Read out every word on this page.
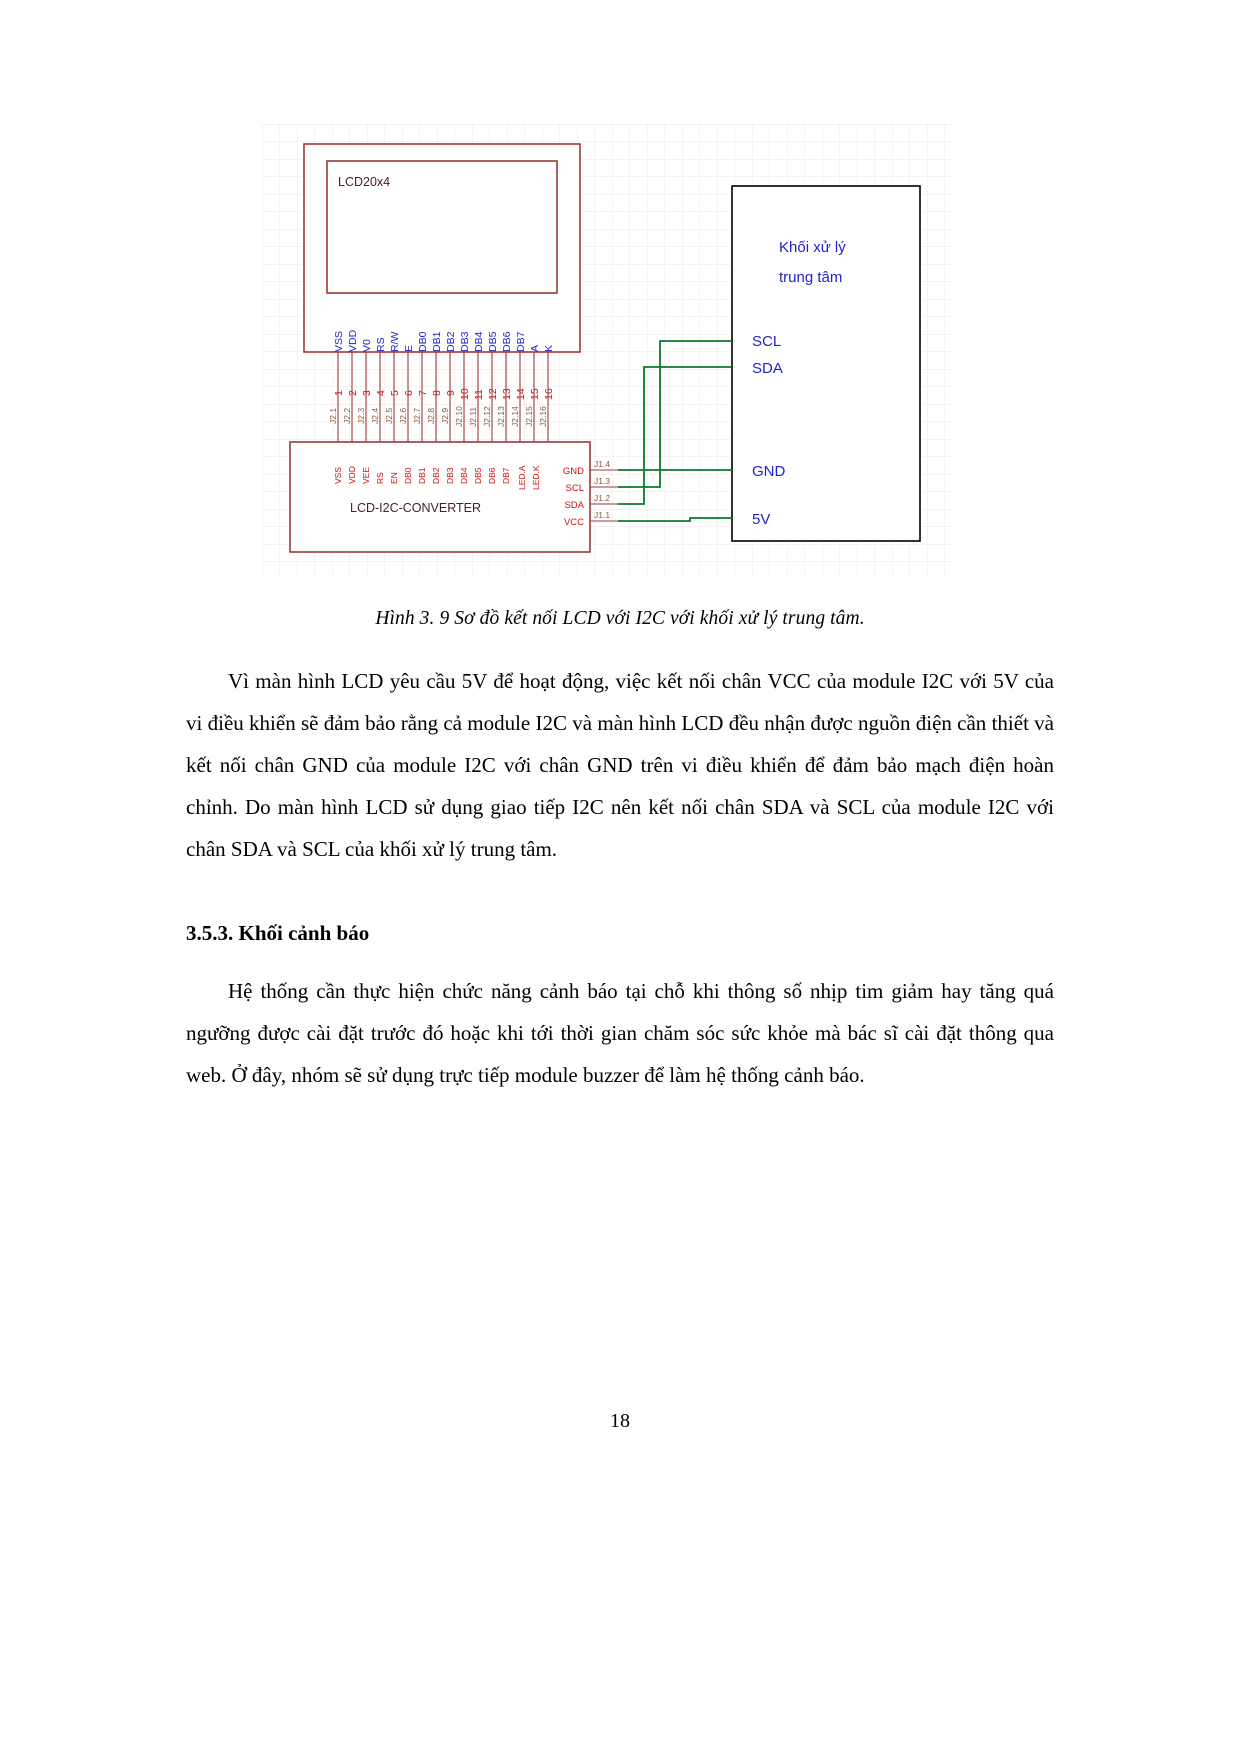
LCD20x4
VSS
1
VDD
2
V0
3
RS
4
R/W
5
E
6
DB0
7
DB1
8
DB2
9
DB3
10
DB4
11
DB5
12
DB6
13
DB7
14
A
15
K
16
J2.1 J2.2 J2.3 J2.4 J2.5 J2.6 J2.7 J2.8 J2.9 J2.10 J2.11 J2.12 J2.13 J2.14 J2.15 J2.16
LCD-I2C-CONVERTER
VSS VDD VEE RS EN DB0 DB1 DB2 DB3 DB4 DB5 DB6 DB7 LED.A LED.K GND
SCL
SDA
VCC
J1.4
J1.3
J1.2
J1.1
Khối xử lý
trung tâm
SCL
SDA
GND
5V
Hình 3. 9 Sơ đồ kết nối LCD với I2C với khối xử lý trung tâm.

Vì màn hình LCD yêu cầu 5V để hoạt động, việc kết nối chân VCC của module I2C với 5V của vi điều khiển sẽ đảm bảo rằng cả module I2C và màn hình LCD đều nhận được nguồn điện cần thiết và kết nối chân GND của module I2C với chân GND trên vi điều khiển để đảm bảo mạch điện hoàn chỉnh. Do màn hình LCD sử dụng giao tiếp I2C nên kết nối chân SDA và SCL của module I2C với chân SDA và SCL của khối xử lý trung tâm.

3.5.3. Khối cảnh báo

Hệ thống cần thực hiện chức năng cảnh báo tại chỗ khi thông số nhịp tim giảm hay tăng quá ngưỡng được cài đặt trước đó hoặc khi tới thời gian chăm sóc sức khỏe mà bác sĩ cài đặt thông qua web. Ở đây, nhóm sẽ sử dụng trực tiếp module buzzer để làm hệ thống cảnh báo.

18
